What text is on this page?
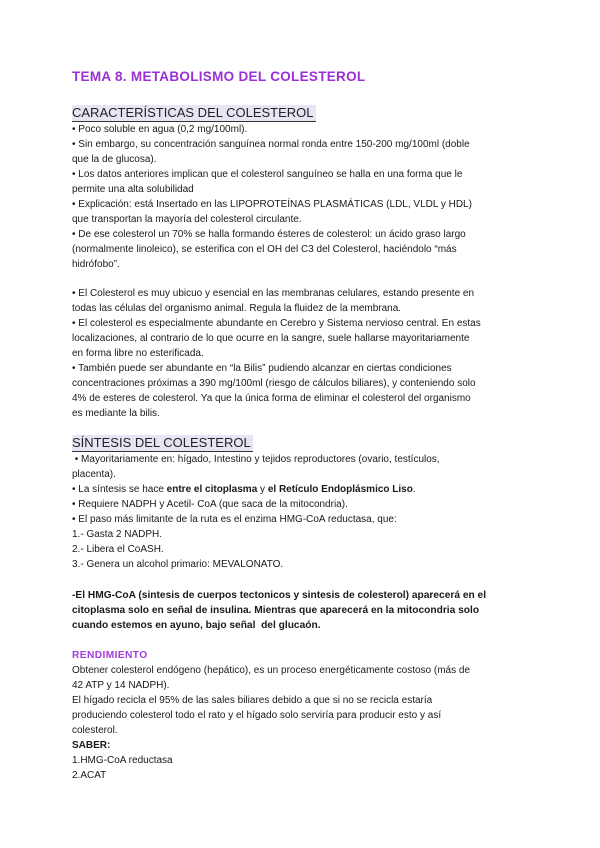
TEMA 8. METABOLISMO DEL COLESTEROL
CARACTERÍSTICAS DEL COLESTEROL

• Poco soluble en agua (0,2 mg/100ml).

• Sin embargo, su concentración sanguínea normal ronda entre 150-200 mg/100ml (doble

que la de glucosa).

• Los datos anteriores implican que el colesterol sanguíneo se halla en una forma que le

permite una alta solubilidad

• Explicación: está Insertado en las LIPOPROTEÍNAS PLASMÁTICAS (LDL, VLDL y HDL)

que transportan la mayoría del colesterol circulante.

• De ese colesterol un 70% se halla formando ésteres de colesterol: un ácido graso largo

(normalmente linoleico), se esterifica con el OH del C3 del Colesterol, haciéndolo “más

hidrófobo”.

• El Colesterol es muy ubicuo y esencial en las membranas celulares, estando presente en

todas las células del organismo animal. Regula la fluidez de la membrana.

• El colesterol es especialmente abundante en Cerebro y Sistema nervioso central. En estas

localizaciones, al contrario de lo que ocurre en la sangre, suele hallarse mayoritariamente

en forma libre no esterificada.

• También puede ser abundante en “la Bilis” pudiendo alcanzar en ciertas condiciones

concentraciones próximas a 390 mg/100ml (riesgo de cálculos biliares), y conteniendo solo

4% de esteres de colesterol. Ya que la única forma de eliminar el colesterol del organismo

es mediante la bilis.

SÍNTESIS DEL COLESTEROL

• Mayoritariamente en: hígado, Intestino y tejidos reproductores (ovario, testículos,

placenta).

• La síntesis se hace entre el citoplasma y el Retículo Endoplásmico Liso.

• Requiere NADPH y Acetil- CoA (que saca de la mitocondria).

• El paso más limitante de la ruta es el enzima HMG-CoA reductasa, que:

1.- Gasta 2 NADPH.

2.- Libera el CoASH.

3.- Genera un alcohol primario: MEVALONATO.

-El HMG-CoA (sintesis de cuerpos tectonicos y sintesis de colesterol) aparecerá en el

citoplasma solo en señal de insulina. Mientras que aparecerá en la mitocondria solo

cuando estemos en ayuno, bajo señal  del glucaón.

RENDIMIENTO

Obtener colesterol endógeno (hepático), es un proceso energéticamente costoso (más de

42 ATP y 14 NADPH).

El hígado recicla el 95% de las sales biliares debido a que si no se recicla estaría

produciendo colesterol todo el rato y el hígado solo serviría para producir esto y así

colesterol.

SABER:

1.HMG-CoA reductasa

2.ACAT
